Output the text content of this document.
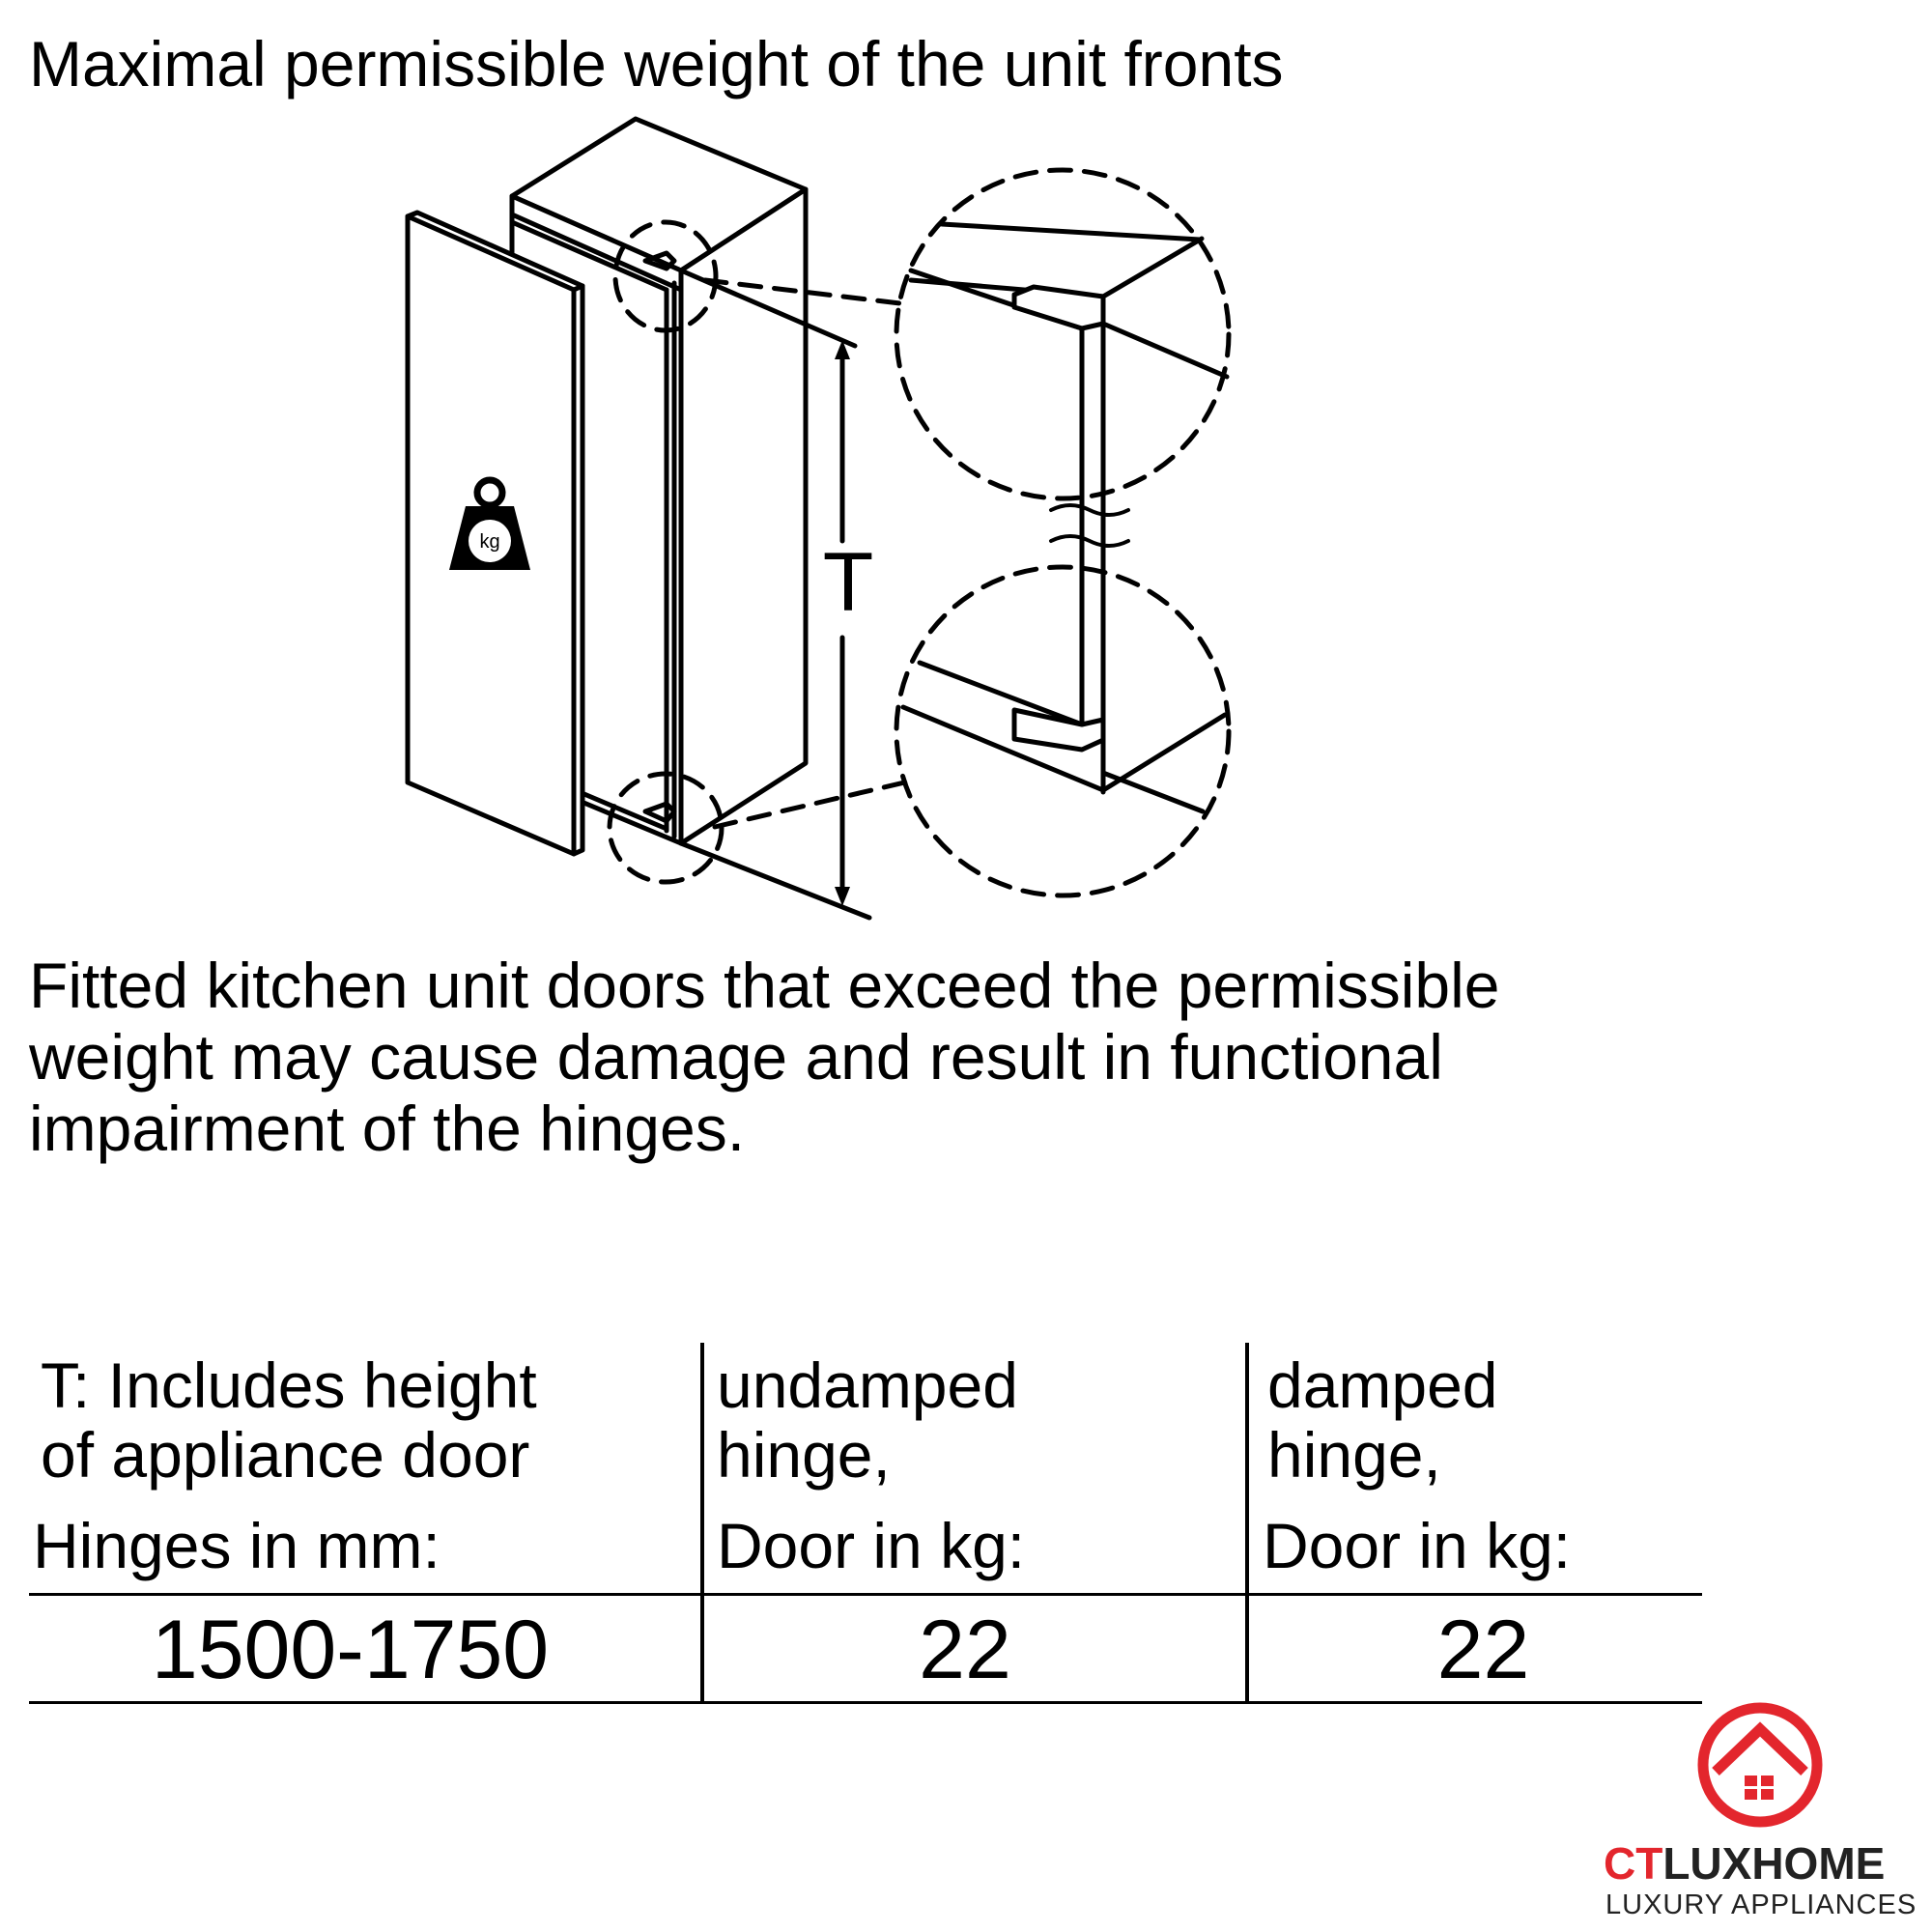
Maximal permissible weight of the unit fronts
T
kg
Fitted kitchen unit doors that exceed the permissible
weight may cause damage and result in functional
impairment of the hinges.
T: Includes height
of appliance door
Hinges in mm:
undamped
hinge,
Door in kg:
damped
hinge,
Door in kg:
1500-1750	22	22
CTLUXHOME
LUXURY APPLIANCES
